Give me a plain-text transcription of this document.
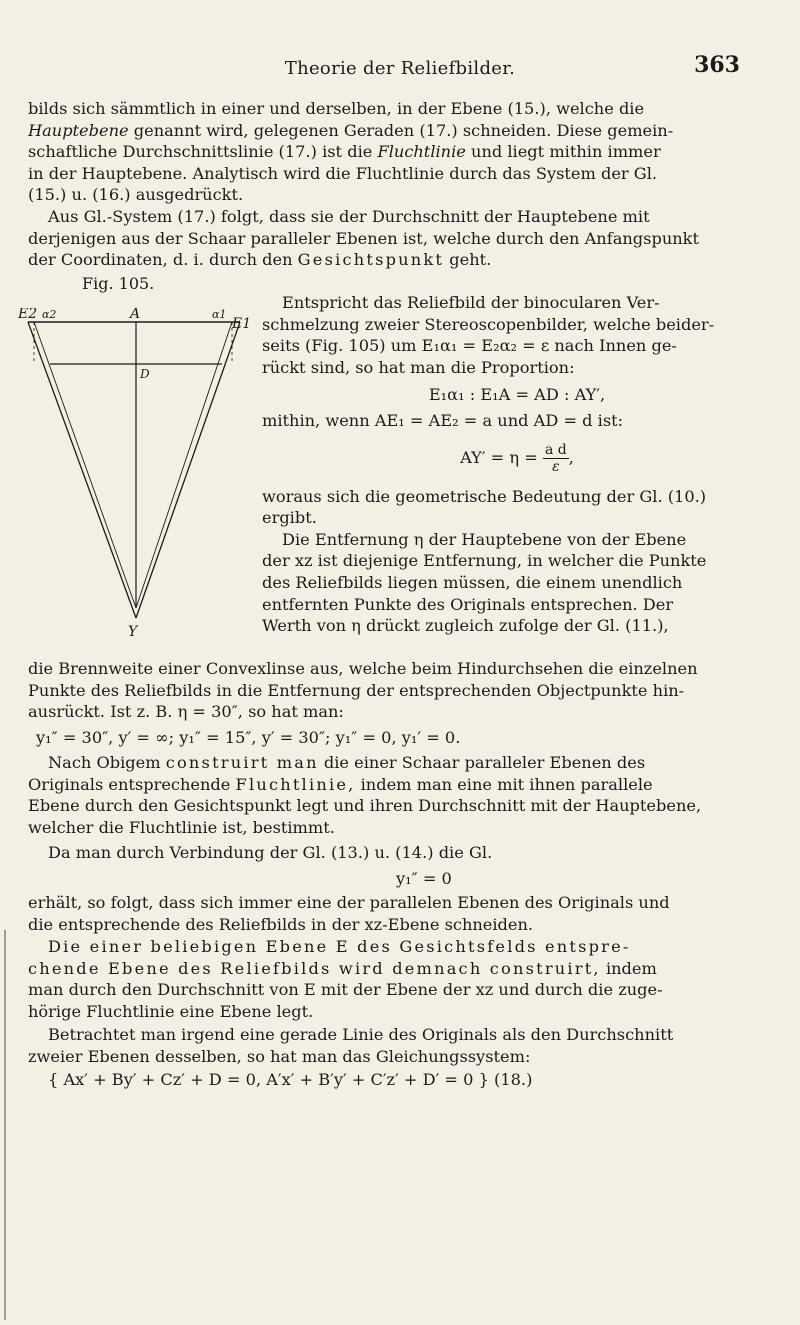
Theorie der Reliefbilder.	363
bilds sich sämmtlich in einer und derselben, in der Ebene (15.), welche die
Hauptebene genannt wird, gelegenen Geraden (17.) schneiden. Diese gemein-
schaftliche Durchschnittslinie (17.) ist die Fluchtlinie und liegt mithin immer
in der Hauptebene. Analytisch wird die Fluchtlinie durch das System der Gl.
(15.) u. (16.) ausgedrückt.
Aus Gl.-System (17.) folgt, dass sie der Durchschnitt der Hauptebene mit
derjenigen aus der Schaar paralleler Ebenen ist, welche durch den Anfangspunkt
der Coordinaten, d. i. durch den Gesichtspunkt geht.
Fig. 105.
E2 α2	A	α1
E1
D
Y
Entspricht das Reliefbild der binocularen Ver-
schmelzung zweier Stereoscopenbilder, welche beider-
seits (Fig. 105) um E₁α₁ = E₂α₂ = ε nach Innen ge-
rückt sind, so hat man die Proportion:
E₁α₁ : E₁A = AD : AY′,
mithin, wenn AE₁ = AE₂ = a und AD = d ist:
$AY' = \eta = \frac{\text{a d}}{\varepsilon}$ ,
woraus sich die geometrische Bedeutung der Gl. (10.)
ergibt.
Die Entfernung η der Hauptebene von der Ebene
der xz ist diejenige Entfernung, in welcher die Punkte
des Reliefbilds liegen müssen, die einem unendlich
entfernten Punkte des Originals entsprechen. Der
Werth von η drückt zugleich zufolge der Gl. (11.),
die Brennweite einer Convexlinse aus, welche beim Hindurchsehen die einzelnen
Punkte des Reliefbilds in die Entfernung der entsprechenden Objectpunkte hin-
ausrückt. Ist z. B. η = 30″, so hat man:
y₁″ = 30″, y′ = ∞; y₁″ = 15″, y′ = 30″; y₁″ = 0, y₁′ = 0.
Nach Obigem construirt man die einer Schaar paralleler Ebenen des
Originals entsprechende Fluchtlinie, indem man eine mit ihnen parallele
Ebene durch den Gesichtspunkt legt und ihren Durchschnitt mit der Hauptebene,
welcher die Fluchtlinie ist, bestimmt.
Da man durch Verbindung der Gl. (13.) u. (14.) die Gl.
y₁″ = 0
erhält, so folgt, dass sich immer eine der parallelen Ebenen des Originals und
die entsprechende des Reliefbilds in der xz-Ebene schneiden.
Die einer beliebigen Ebene E des Gesichtsfelds entspre-
chende Ebene des Reliefbilds wird demnach construirt, indem
man durch den Durchschnitt von E mit der Ebene der xz und durch die zuge-
hörige Fluchtlinie eine Ebene legt.
Betrachtet man irgend eine gerade Linie des Originals als den Durchschnitt
zweier Ebenen desselben, so hat man das Gleichungssystem:
{ Ax′ + By′ + Cz′ + D = 0, A′x′ + B′y′ + C′z′ + D′ = 0 } (18.)
